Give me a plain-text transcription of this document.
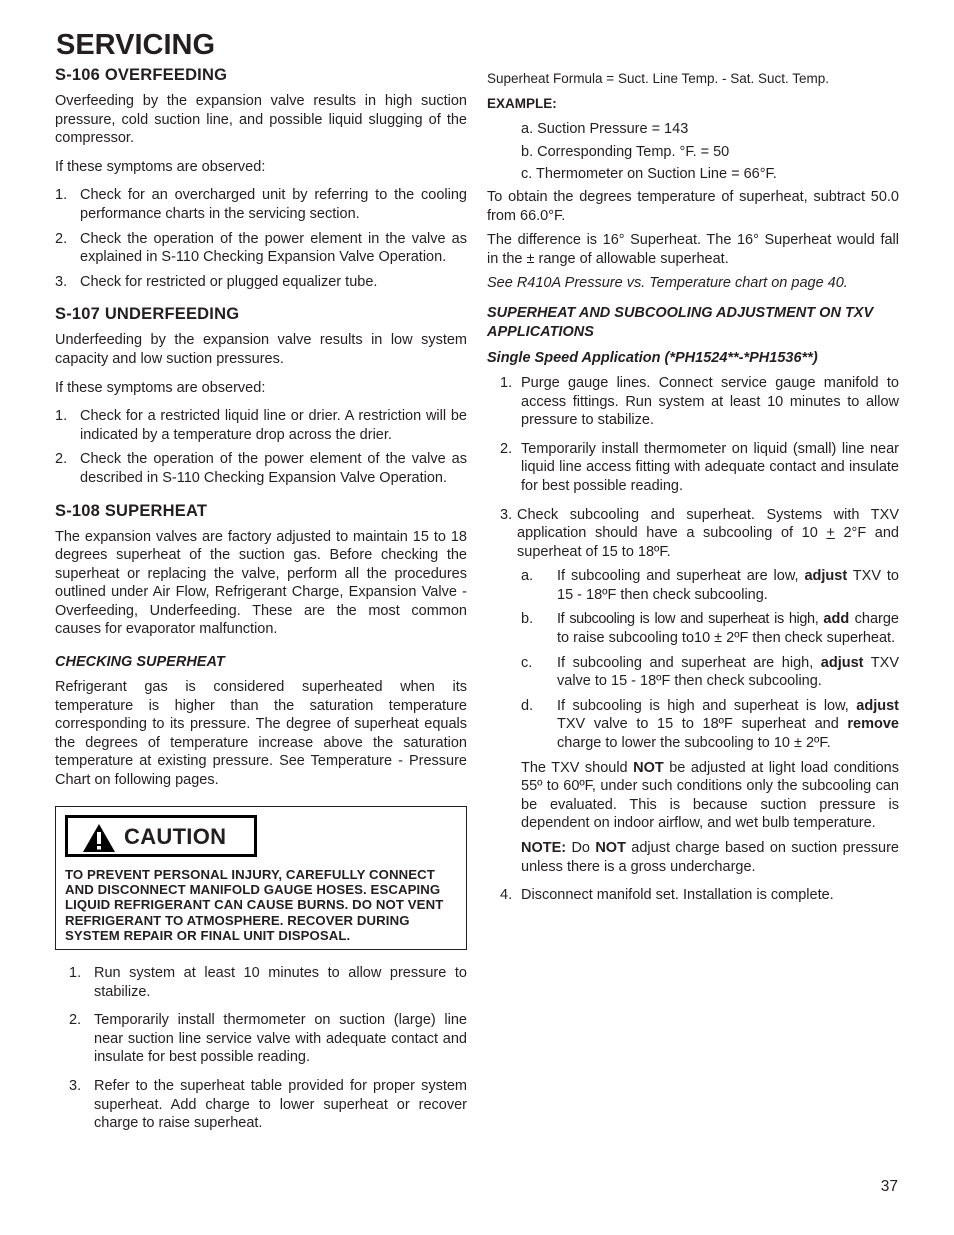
SERVICING
S-106 OVERFEEDING

Overfeeding by the expansion valve results in high suction pressure, cold suction line, and possible liquid slugging of the compressor.

If these symptoms are observed:

1. Check for an overcharged unit by referring to the cooling performance charts in the servicing section.
2. Check the operation of the power element in the valve as explained in S-110 Checking Expansion Valve Operation.
3. Check for restricted or plugged equalizer tube.
S-107 UNDERFEEDING

Underfeeding by the expansion valve results in low system capacity and low suction pressures.

If these symptoms are observed:

1. Check for a restricted liquid line or drier. A restriction will be indicated by a temperature drop across the drier.
2. Check the operation of the power element of the valve as described in S-110 Checking Expansion Valve Operation.
S-108 SUPERHEAT

The expansion valves are factory adjusted to maintain 15 to 18 degrees superheat of the suction gas. Before checking the superheat or replacing the valve, perform all the procedures outlined under Air Flow, Refrigerant Charge, Expansion Valve - Overfeeding, Underfeeding. These are the most common causes for evaporator malfunction.

CHECKING SUPERHEAT

Refrigerant gas is considered superheated when its temperature is higher than the saturation temperature corresponding to its pressure. The degree of superheat equals the degrees of temperature increase above the saturation temperature at existing pressure. See Temperature - Pressure Chart on following pages.

CAUTION
TO PREVENT PERSONAL INJURY, CAREFULLY CONNECT AND DISCONNECT MANIFOLD GAUGE HOSES. ESCAPING LIQUID REFRIGERANT CAN CAUSE BURNS. DO NOT VENT REFRIGERANT TO ATMOSPHERE. RECOVER DURING SYSTEM REPAIR OR FINAL UNIT DISPOSAL.
1. Run system at least 10 minutes to allow pressure to stabilize.
2. Temporarily install thermometer on suction (large) line near suction line service valve with adequate contact and insulate for best possible reading.
3. Refer to the superheat table provided for proper system superheat. Add charge to lower superheat or recover charge to raise superheat.

Superheat Formula = Suct. Line Temp. - Sat. Suct. Temp.

EXAMPLE:

a. Suction Pressure = 143
b. Corresponding Temp. °F. = 50
c. Thermometer on Suction Line = 66°F.

To obtain the degrees temperature of superheat, subtract 50.0 from 66.0°F.

The difference is 16° Superheat. The 16° Superheat would fall in the ± range of allowable superheat.

See R410A Pressure vs. Temperature chart on page 40.

SUPERHEAT AND SUBCOOLING ADJUSTMENT ON TXV APPLICATIONS

Single Speed Application (*PH1524**-*PH1536**)

1. Purge gauge lines. Connect service gauge manifold to access fittings. Run system at least 10 minutes to allow pressure to stabilize.
2. Temporarily install thermometer on liquid (small) line near liquid line access fitting with adequate contact and insulate for best possible reading.
3. Check subcooling and superheat. Systems with TXV application should have a subcooling of 10 + 2°F and superheat of 15 to 18ºF.
a. If subcooling and superheat are low, adjust TXV to 15 - 18ºF then check subcooling.
b. If subcooling is low and superheat is high, add charge to raise subcooling to10 ± 2ºF then check superheat.
c. If subcooling and superheat are high, adjust TXV valve to 15 - 18ºF then check subcooling.
d. If subcooling is high and superheat is low, adjust TXV valve to 15 to 18ºF superheat and remove charge to lower the subcooling to 10 ± 2ºF.

The TXV should NOT be adjusted at light load conditions 55º to 60ºF, under such conditions only the subcooling can be evaluated. This is because suction pressure is dependent on indoor airflow, and wet bulb temperature.

NOTE: Do NOT adjust charge based on suction pressure unless there is a gross undercharge.

4. Disconnect manifold set. Installation is complete.
37
